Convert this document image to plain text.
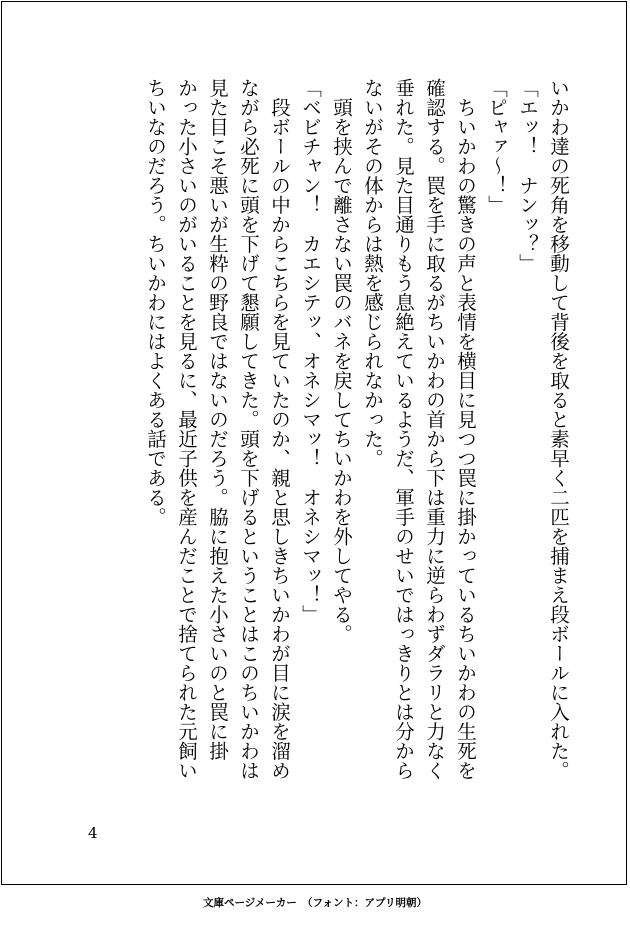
いかわ達の死角を移動して背後を取ると素早く二匹を捕まえ段ボールに入れた。
「エッ！　ナンッ？」
「ピャァ～！」
　ちいかわの驚きの声と表情を横目に見つつ罠に掛かっているちいかわの生死を
確認する。罠を手に取るがちいかわの首から下は重力に逆らわずダラリと力なく
垂れた。見た目通りもう息絶えているようだ、軍手のせいではっきりとは分から
ないがその体からは熱を感じられなかった。
　頭を挟んで離さない罠のバネを戻してちいかわを外してやる。
「ベビチャン！　カエシテッ、オネシマッ！　オネシマッ！」
　段ボールの中からこちらを見ていたのか、親と思しきちいかわが目に涙を溜め
ながら必死に頭を下げて懇願してきた。頭を下げるということはこのちいかわは
見た目こそ悪いが生粋の野良ではないのだろう。脇に抱えた小さいのと罠に掛
かった小さいのがいることを見るに、最近子供を産んだことで捨てられた元飼い
ちいなのだろう。ちいかわにはよくある話である。
4
文庫ページメーカー　（フォント：アプリ明朝）
